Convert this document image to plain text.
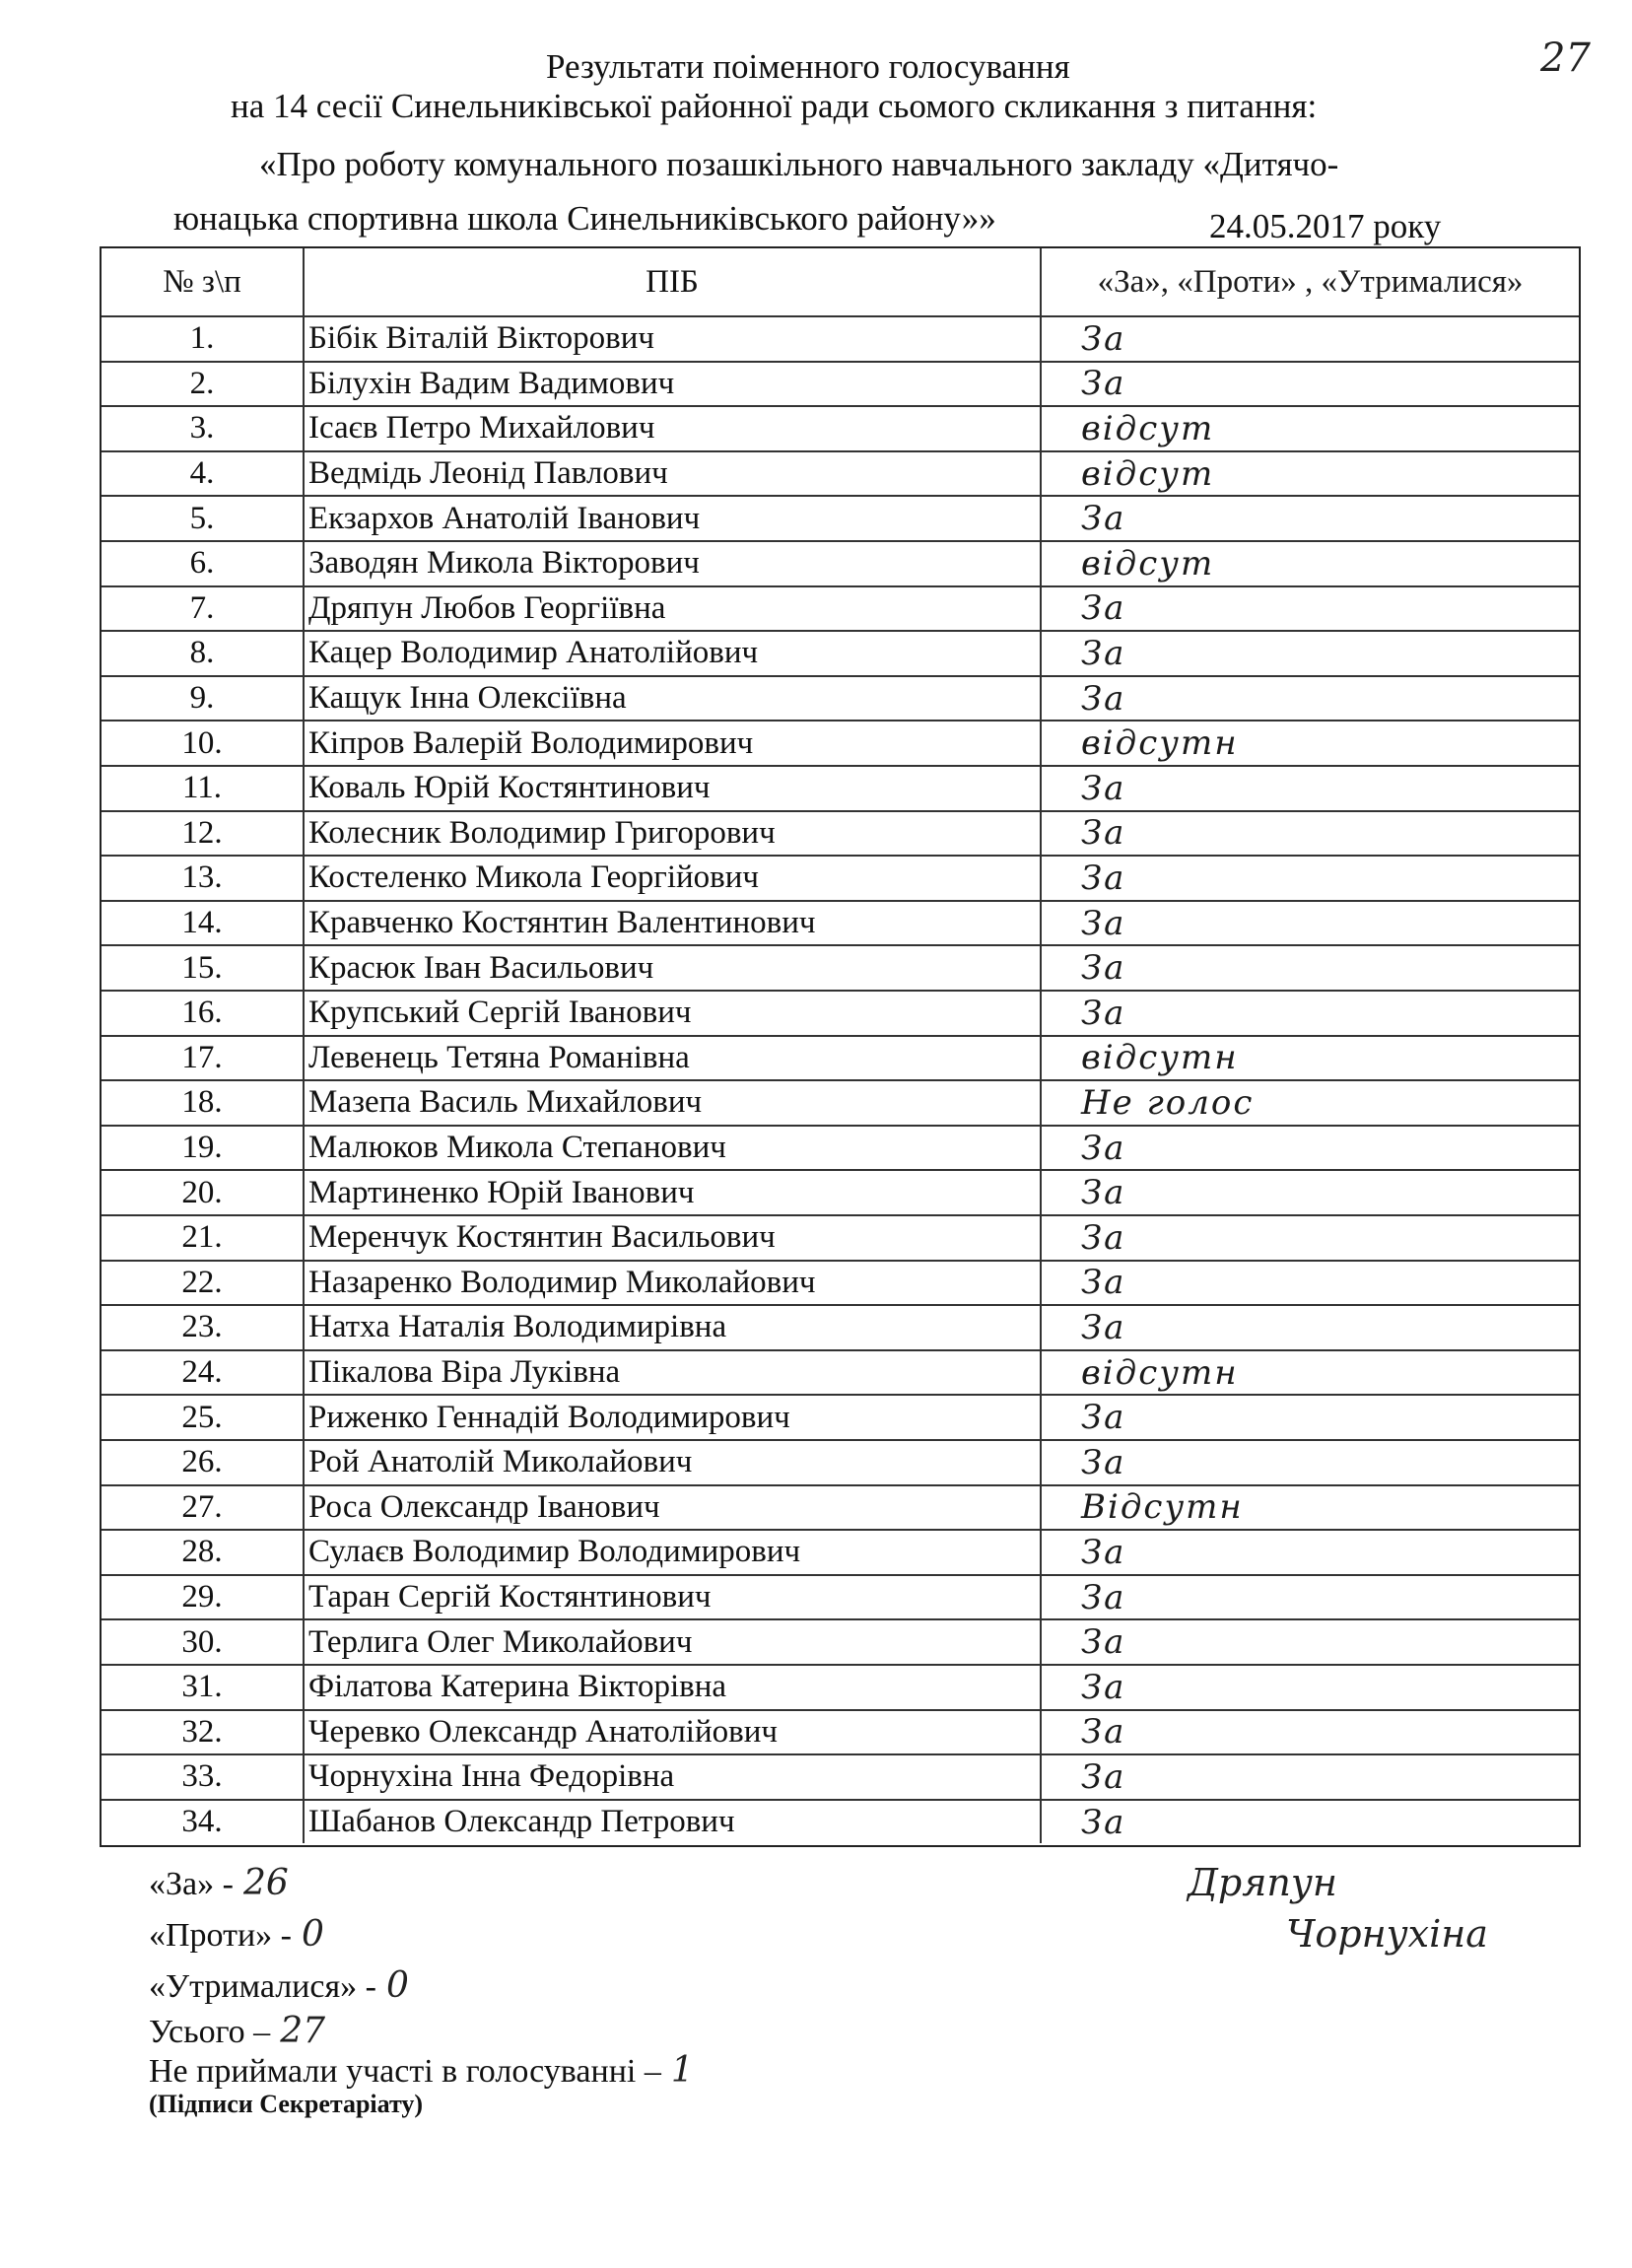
27
Результати поіменного голосування
на 14 сесії Синельниківської районної ради сьомого скликання з питання:
«Про роботу комунального позашкільного навчального закладу «Дитячо-
юнацька спортивна школа Синельниківського району»»	24.05.2017 року
№ з\п	ПІБ	«За», «Проти» , «Утрималися»
1.	Бібік Віталій Вікторович	За
2.	Білухін Вадим Вадимович	За
3.	Ісаєв Петро Михайлович	відсут
4.	Ведмідь Леонід Павлович	відсут
5.	Екзархов Анатолій Іванович	За
6.	Заводян Микола Вікторович	відсут
7.	Дряпун Любов Георгіївна	За
8.	Кацер Володимир Анатолійович	За
9.	Кащук Інна Олексіївна	За
10.	Кіпров Валерій Володимирович	відсутн
11.	Коваль Юрій Костянтинович	За
12.	Колесник Володимир Григорович	За
13.	Костеленко Микола Георгійович	За
14.	Кравченко Костянтин Валентинович	За
15.	Красюк Іван Васильович	За
16.	Крупський Сергій Іванович	За
17.	Левенець Тетяна Романівна	відсутн
18.	Мазепа Василь Михайлович	Не голос
19.	Малюков Микола Степанович	За
20.	Мартиненко Юрій Іванович	За
21.	Меренчук Костянтин Васильович	За
22.	Назаренко Володимир Миколайович	За
23.	Натха Наталія Володимирівна	За
24.	Пікалова Віра Луківна	відсутн
25.	Риженко Геннадій Володимирович	За
26.	Рой Анатолій Миколайович	За
27.	Роса Олександр Іванович	Відсутн
28.	Сулаєв Володимир Володимирович	За
29.	Таран Сергій Костянтинович	За
30.	Терлига Олег Миколайович	За
31.	Філатова Катерина Вікторівна	За
32.	Черевко Олександр Анатолійович	За
33.	Чорнухіна Інна Федорівна	За
34.	Шабанов Олександр Петрович	За
«За» - 26
«Проти» - 0
«Утрималися» - 0
Усього – 27
Не приймали участі в голосуванні – 1
(Підписи Секретаріату)
Дряпун
Чорнухіна
